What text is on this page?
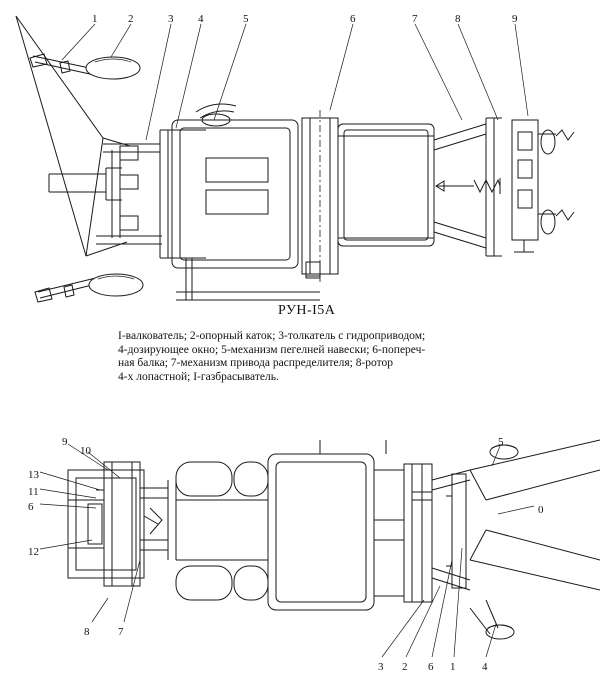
1	2	3 4	5	6	7	8	9
РУН-I5A
I-валкователь; 2-опорный каток; 3-толкатель с гидроприводом;
4-дозирующее окно; 5-механизм пегелней навески; 6-попереч-
ная балка; 7-механизм привода распределителя; 8-ротор
4-х лопастной; I-газбрасыватель.
9
10
13
11
6
12
8	7
5
0
3 2 6 1 4
